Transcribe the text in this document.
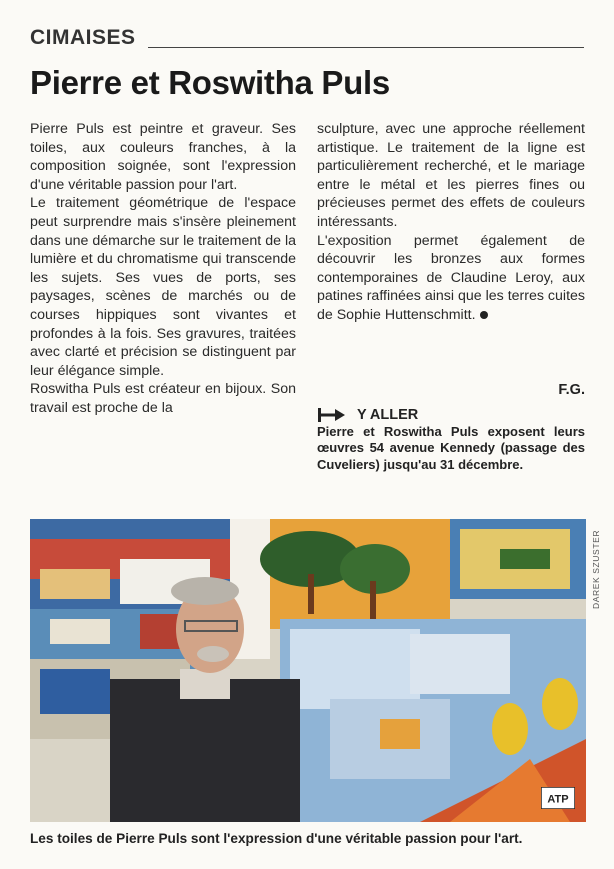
CIMAISES
Pierre et Roswitha Puls

Pierre Puls est peintre et graveur. Ses toiles, aux couleurs franches, à la composition soignée, sont l'expression d'une véritable passion pour l'art.

Le traitement géométrique de l'espace peut surprendre mais s'insère pleinement dans une démarche sur le traitement de la lumière et du chromatisme qui transcende les sujets. Ses vues de ports, ses paysages, scènes de marchés ou de courses hippiques sont vivantes et profondes à la fois. Ses gravures, traitées avec clarté et précision se distinguent par leur élégance simple.

Roswitha Puls est créateur en bijoux. Son travail est proche de la

sculpture, avec une approche réellement artistique. Le traitement de la ligne est particulièrement recherché, et le mariage entre le métal et les pierres fines ou précieuses permet des effets de couleurs intéressants.

L'exposition permet également de découvrir les bronzes aux formes contemporaines de Claudine Leroy, aux patines raffinées ainsi que les terres cuites de Sophie Huttenschmitt.

F.G.
Y ALLER
Pierre et Roswitha Puls exposent leurs œuvres 54 avenue Kennedy (passage des Cuveliers) jusqu'au 31 décembre.
ATP
DAREK SZUSTER
Les toiles de Pierre Puls sont l'expression d'une véritable passion pour l'art.
